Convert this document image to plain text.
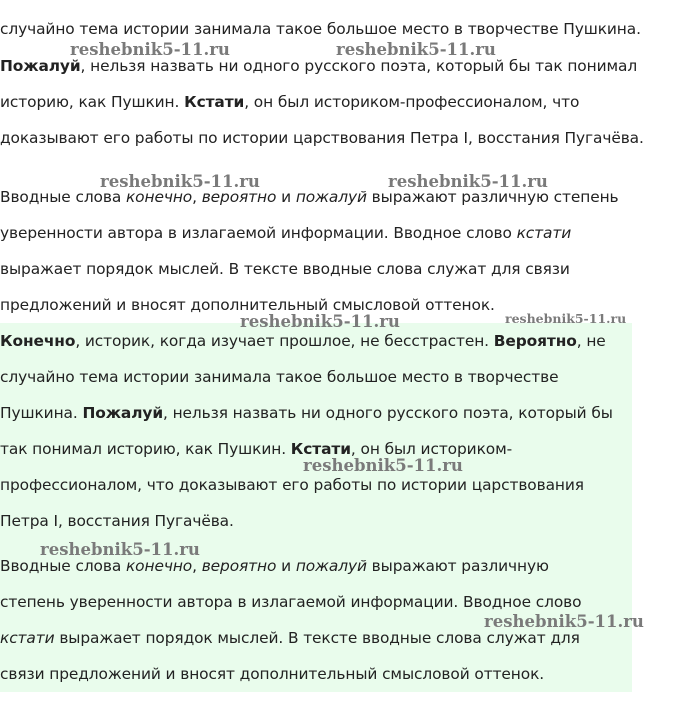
случайно тема истории занимала такое большое место в творчестве Пушкина.
Пожалуй, нельзя назвать ни одного русского поэта, который бы так понимал
историю, как Пушкин. Кстати, он был историком-профессионалом, что
доказывают его работы по истории царствования Петра I, восстания Пугачёва.
Вводные слова конечно, вероятно и пожалуй выражают различную степень
уверенности автора в излагаемой информации. Вводное слово кстати
выражает порядок мыслей. В тексте вводные слова служат для связи
предложений и вносят дополнительный смысловой оттенок.
Конечно, историк, когда изучает прошлое, не бесстрастен. Вероятно, не
случайно тема истории занимала такое большое место в творчестве
Пушкина. Пожалуй, нельзя назвать ни одного русского поэта, который бы
так понимал историю, как Пушкин. Кстати, он был историком-
профессионалом, что доказывают его работы по истории царствования
Петра I, восстания Пугачёва.
Вводные слова конечно, вероятно и пожалуй выражают различную
степень уверенности автора в излагаемой информации. Вводное слово
кстати выражает порядок мыслей. В тексте вводные слова служат для
связи предложений и вносят дополнительный смысловой оттенок.
reshebnik5-11.ru	reshebnik5-11.ru
reshebnik5-11.ru	reshebnik5-11.ru
reshebnik5-11.ru	reshebnik5-11.ru
reshebnik5-11.ru
reshebnik5-11.ru
reshebnik5-11.ru
